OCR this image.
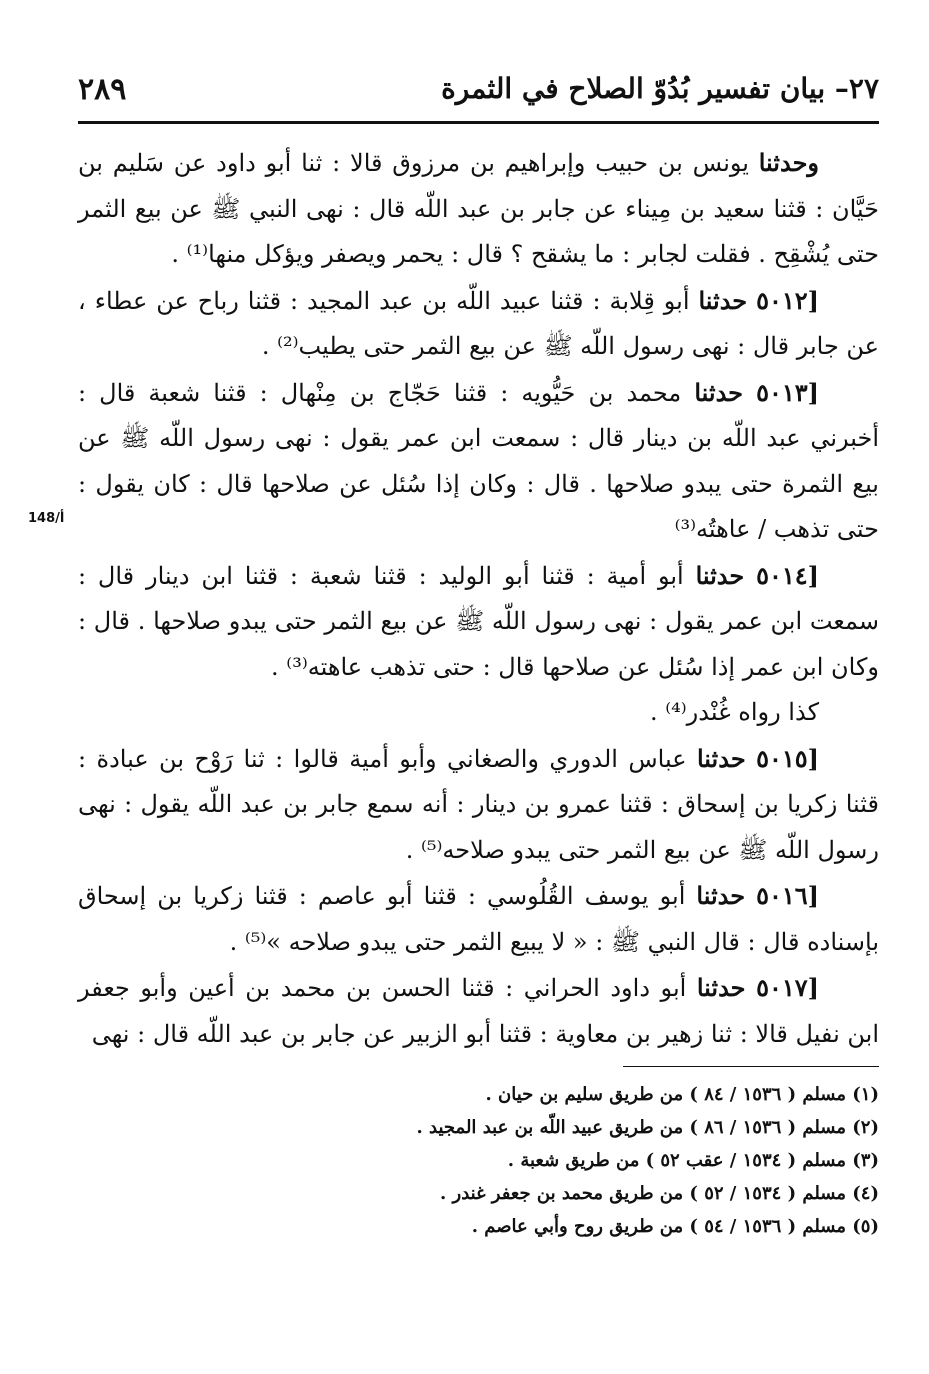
٢٨٩	٢٧– بيان تفسير بُدُوّ الصلاح في الثمرة
148/أ

وحدثنا يونس بن حبيب وإبراهيم بن مرزوق قالا : ثنا أبو داود عن سَليم بن حَيَّان : قثنا سعيد بن مِيناء عن جابر بن عبد اللّه قال : نهى النبي ﷺ عن بيع الثمر حتى يُشْقِح . فقلت لجابر : ما يشقح ؟ قال : يحمر ويصفر ويؤكل منها⁽¹⁾ .

[٥٠١٢ حدثنا أبو قِلابة : قثنا عبيد اللّه بن عبد المجيد : قثنا رباح عن عطاء ، عن جابر قال : نهى رسول اللّه ﷺ عن بيع الثمر حتى يطيب⁽²⁾ .

[٥٠١٣ حدثنا محمد بن حَيُّويه : قثنا حَجّاج بن مِنْهال : قثنا شعبة قال : أخبرني عبد اللّه بن دينار قال : سمعت ابن عمر يقول : نهى رسول اللّه ﷺ عن بيع الثمرة حتى يبدو صلاحها . قال : وكان إذا سُئل عن صلاحها قال : كان يقول : حتى تذهب / عاهتُه⁽³⁾

[٥٠١٤ حدثنا أبو أمية : قثنا أبو الوليد : قثنا شعبة : قثنا ابن دينار قال : سمعت ابن عمر يقول : نهى رسول اللّه ﷺ عن بيع الثمر حتى يبدو صلاحها . قال : وكان ابن عمر إذا سُئل عن صلاحها قال : حتى تذهب عاهته⁽³⁾ .

كذا رواه غُنْدر⁽⁴⁾ .

[٥٠١٥ حدثنا عباس الدوري والصغاني وأبو أمية قالوا : ثنا رَوْح بن عبادة : قثنا زكريا بن إسحاق : قثنا عمرو بن دينار : أنه سمع جابر بن عبد اللّه يقول : نهى رسول اللّه ﷺ عن بيع الثمر حتى يبدو صلاحه⁽⁵⁾ .

[٥٠١٦ حدثنا أبو يوسف القُلُوسي : قثنا أبو عاصم : قثنا زكريا بن إسحاق بإسناده قال : قال النبي ﷺ : « لا يبيع الثمر حتى يبدو صلاحه »⁽⁵⁾ .

[٥٠١٧ حدثنا أبو داود الحراني : قثنا الحسن بن محمد بن أعين وأبو جعفر ابن نفيل قالا : ثنا زهير بن معاوية : قثنا أبو الزبير عن جابر بن عبد اللّه قال : نهى

(١) مسلم ( ١٥٣٦ / ٨٤ ) من طريق سليم بن حيان .
(٢) مسلم ( ١٥٣٦ / ٨٦ ) من طريق عبيد اللّه بن عبد المجيد .
(٣) مسلم ( ١٥٣٤ / عقب ٥٢ ) من طريق شعبة .
(٤) مسلم ( ١٥٣٤ / ٥٢ ) من طريق محمد بن جعفر غندر .
(٥) مسلم ( ١٥٣٦ / ٥٤ ) من طريق روح وأبي عاصم .
